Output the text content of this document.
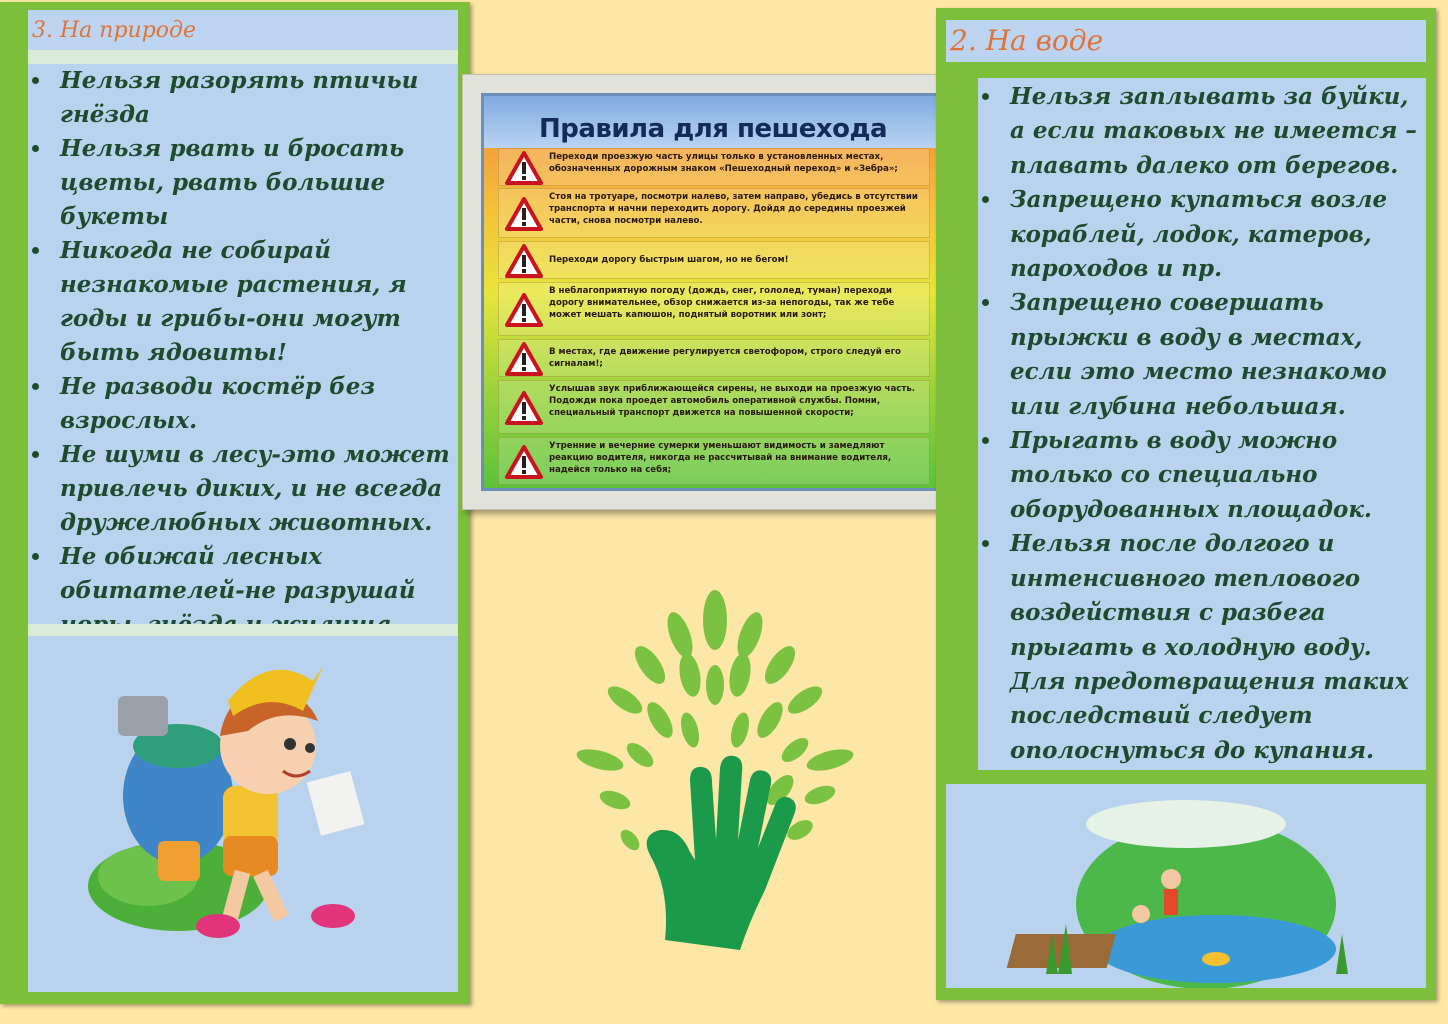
3. На природе
Нельзя разорять птичьи гнёзда
Нельзя рвать и бросать цветы, рвать большие букеты
Никогда не собирай незнакомые растения, я годы и грибы-они могут быть ядовиты!
Не разводи костёр без взрослых.
Не шуми в лесу-это может привлечь диких, и не всегда дружелюбных животных.
Не обижай лесных обитателей-не разрушай
Правила для пешехода
Переходи проезжую часть улицы только в установленных местах, обозначенных дорожным знаком «Пешеходный переход» и «Зебра»;
Стоя на тротуаре, посмотри налево, затем направо, убедись в отсутствии транспорта и начни переходить дорогу. Дойдя до середины проезжей части, снова посмотри налево.
Переходи дорогу быстрым шагом, но не бегом!
В неблагоприятную погоду (дождь, снег, гололед, туман) переходи дорогу внимательнее, обзор снижается из-за непогоды, так же тебе может мешать капюшон, поднятый воротник или зонт;
В местах, где движение регулируется светофором, строго следуй его сигналам!;
Услышав звук приближающейся сирены, не выходи на проезжую часть. Подожди пока проедет автомобиль оперативной службы. Помни, специальный транспорт движется на повышенной скорости;
Утренние и вечерние сумерки уменьшают видимость и замедляют реакцию водителя, никогда не рассчитывай на внимание водителя, надейся только на себя;
2. На воде
Нельзя заплывать за буйки, а если таковых не имеется – плавать далеко от берегов.
Запрещено купаться возле кораблей, лодок, катеров, пароходов и пр.
Запрещено совершать прыжки в воду в местах, если это место незнакомо или глубина небольшая.
Прыгать в воду можно только со специально оборудованных площадок.
Нельзя после долгого и интенсивного теплового воздействия с разбега прыгать в холодную воду. Для предотвращения таких последствий следует ополоснуться до купания.
